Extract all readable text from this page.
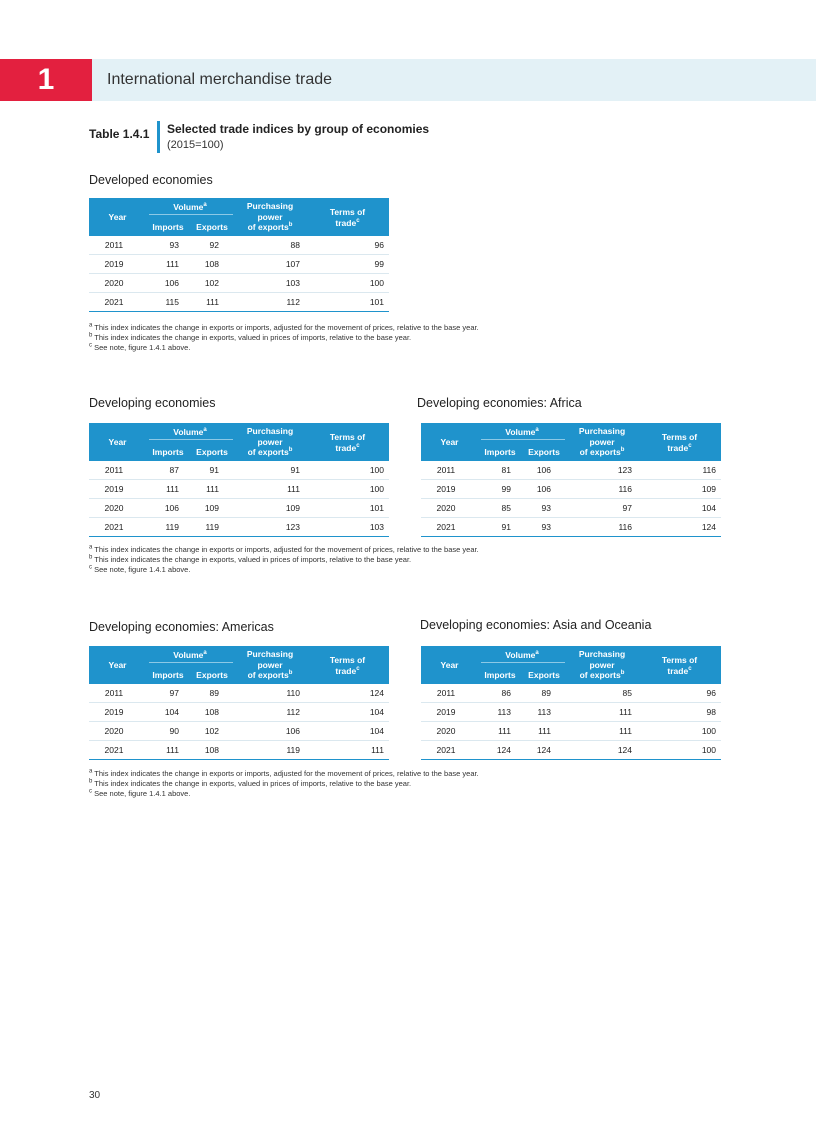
1	International merchandise trade
Table 1.4.1 Selected trade indices by group of economies
(2015=100)
Developed economies
Developing economies	Developing economies: Africa
Developing economies: Americas	Developing economies: Asia and Oceania
Year
Volume$^a$
Imports	Exports
Purchasing
power
of exports$^b$
Terms of
trade$^c$
2011	93	92	88	96
2019	111	108	107	99
2020	106	102	103	100
2021	115	111	112	101
Year
Volume$^a$
Imports	Exports
Purchasing
power
of exports$^b$
Terms of
trade$^c$
2011	87	91	91	100
2019	111	111	111	100
2020	106	109	109	101
2021	119	119	123	103
Year
Volume$^a$
Imports	Exports
Purchasing
power
of exports$^b$
Terms of
trade$^c$
2011	81	106	123	116
2019	99	106	116	109
2020	85	93	97	104
2021	91	93	116	124
Year
Volume$^a$
Imports	Exports
Purchasing
power
of exports$^b$
Terms of
trade$^c$
2011	97	89	110	124
2019	104	108	112	104
2020	90	102	106	104
2021	111	108	119	111
Year
Volume$^a$
Imports	Exports
Purchasing
power
of exports$^b$
Terms of
trade$^c$
2011	86	89	85	96
2019	113	113	111	98
2020	111	111	111	100
2021	124	124	124	100
$^a$ This index indicates the change in exports or imports, adjusted for the movement of prices, relative to the base year.
$^b$ This index indicates the change in exports, valued in prices of imports, relative to the base year.
$^c$ See note, figure 1.4.1 above.
$^a$ This index indicates the change in exports or imports, adjusted for the movement of prices, relative to the base year.
$^b$ This index indicates the change in exports, valued in prices of imports, relative to the base year.
$^c$ See note, figure 1.4.1 above.
$^a$ This index indicates the change in exports or imports, adjusted for the movement of prices, relative to the base year.
$^b$ This index indicates the change in exports, valued in prices of imports, relative to the base year.
$^c$ See note, figure 1.4.1 above.
30
